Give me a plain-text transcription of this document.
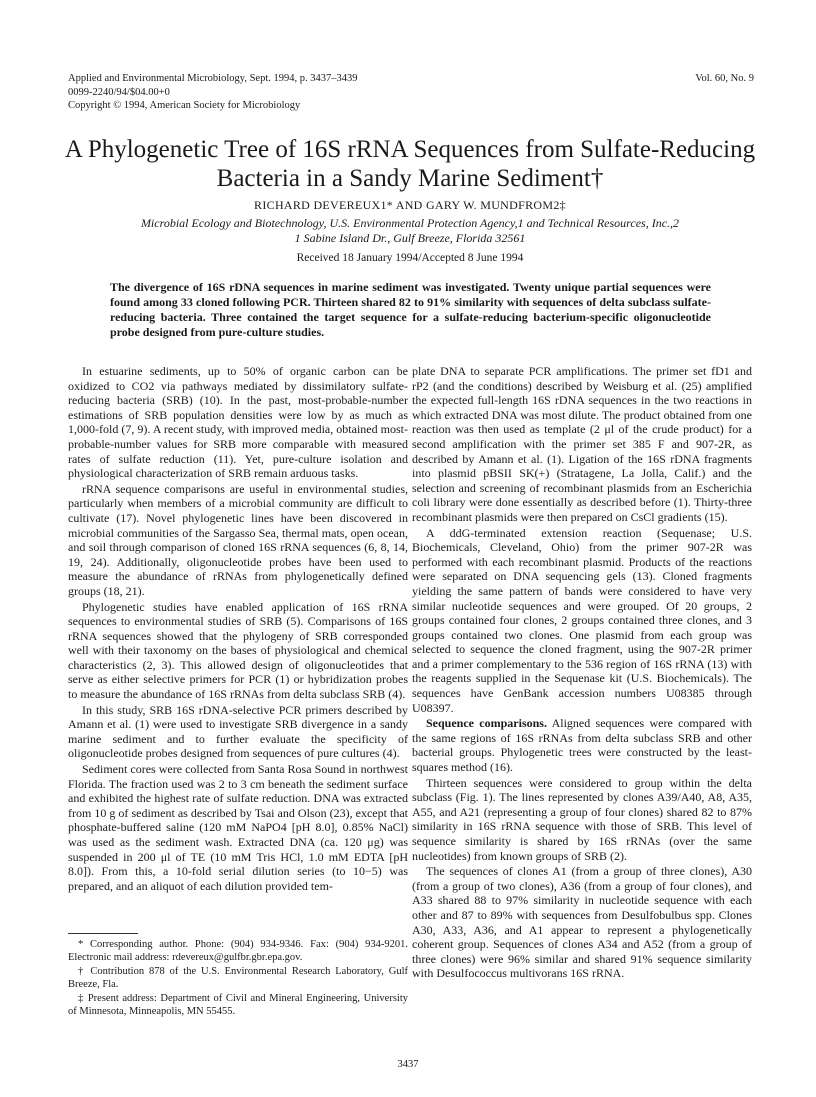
Applied and Environmental Microbiology, Sept. 1994, p. 3437–3439
0099-2240/94/$04.00+0
Copyright © 1994, American Society for Microbiology
Vol. 60, No. 9
A Phylogenetic Tree of 16S rRNA Sequences from Sulfate-Reducing Bacteria in a Sandy Marine Sediment†
RICHARD DEVEREUX1* AND GARY W. MUNDFROM2‡
Microbial Ecology and Biotechnology, U.S. Environmental Protection Agency,1 and Technical Resources, Inc.,2 1 Sabine Island Dr., Gulf Breeze, Florida 32561
Received 18 January 1994/Accepted 8 June 1994
The divergence of 16S rDNA sequences in marine sediment was investigated. Twenty unique partial sequences were found among 33 cloned following PCR. Thirteen shared 82 to 91% similarity with sequences of delta subclass sulfate-reducing bacteria. Three contained the target sequence for a sulfate-reducing bacterium-specific oligonucleotide probe designed from pure-culture studies.

In estuarine sediments, up to 50% of organic carbon can be oxidized to CO2 via pathways mediated by dissimilatory sulfate-reducing bacteria (SRB) (10). In the past, most-probable-number estimations of SRB population densities were low by as much as 1,000-fold (7, 9). A recent study, with improved media, obtained most-probable-number values for SRB more comparable with measured rates of sulfate reduction (11). Yet, pure-culture isolation and physiological characterization of SRB remain arduous tasks.

rRNA sequence comparisons are useful in environmental studies, particularly when members of a microbial community are difficult to cultivate (17). Novel phylogenetic lines have been discovered in microbial communities of the Sargasso Sea, thermal mats, open ocean, and soil through comparison of cloned 16S rRNA sequences (6, 8, 14, 19, 24). Additionally, oligonucleotide probes have been used to measure the abundance of rRNAs from phylogenetically defined groups (18, 21).

Phylogenetic studies have enabled application of 16S rRNA sequences to environmental studies of SRB (5). Comparisons of 16S rRNA sequences showed that the phylogeny of SRB corresponded well with their taxonomy on the bases of physiological and chemical characteristics (2, 3). This allowed design of oligonucleotides that serve as either selective primers for PCR (1) or hybridization probes to measure the abundance of 16S rRNAs from delta subclass SRB (4).

In this study, SRB 16S rDNA-selective PCR primers described by Amann et al. (1) were used to investigate SRB divergence in a sandy marine sediment and to further evaluate the specificity of oligonucleotide probes designed from sequences of pure cultures (4).

Sediment cores were collected from Santa Rosa Sound in northwest Florida. The fraction used was 2 to 3 cm beneath the sediment surface and exhibited the highest rate of sulfate reduction. DNA was extracted from 10 g of sediment as described by Tsai and Olson (23), except that phosphate-buffered saline (120 mM NaPO4 [pH 8.0], 0.85% NaCl) was used as the sediment wash. Extracted DNA (ca. 120 μg) was suspended in 200 μl of TE (10 mM Tris HCl, 1.0 mM EDTA [pH 8.0]). From this, a 10-fold serial dilution series (to 10−5) was prepared, and an aliquot of each dilution provided tem-

plate DNA to separate PCR amplifications. The primer set fD1 and rP2 (and the conditions) described by Weisburg et al. (25) amplified the expected full-length 16S rDNA sequences in the two reactions in which extracted DNA was most dilute. The product obtained from one reaction was then used as template (2 μl of the crude product) for a second amplification with the primer set 385 F and 907-2R, as described by Amann et al. (1). Ligation of the 16S rDNA fragments into plasmid pBSII SK(+) (Stratagene, La Jolla, Calif.) and the selection and screening of recombinant plasmids from an Escherichia coli library were done essentially as described before (1). Thirty-three recombinant plasmids were then prepared on CsCl gradients (15).

A ddG-terminated extension reaction (Sequenase; U.S. Biochemicals, Cleveland, Ohio) from the primer 907-2R was performed with each recombinant plasmid. Products of the reactions were separated on DNA sequencing gels (13). Cloned fragments yielding the same pattern of bands were considered to have very similar nucleotide sequences and were grouped. Of 20 groups, 2 groups contained four clones, 2 groups contained three clones, and 3 groups contained two clones. One plasmid from each group was selected to sequence the cloned fragment, using the 907-2R primer and a primer complementary to the 536 region of 16S rRNA (13) with the reagents supplied in the Sequenase kit (U.S. Biochemicals). The sequences have GenBank accession numbers U08385 through U08397.

Sequence comparisons. Aligned sequences were compared with the same regions of 16S rRNAs from delta subclass SRB and other bacterial groups. Phylogenetic trees were constructed by the least-squares method (16).

Thirteen sequences were considered to group within the delta subclass (Fig. 1). The lines represented by clones A39/A40, A8, A35, A55, and A21 (representing a group of four clones) shared 82 to 87% similarity in 16S rRNA sequence with those of SRB. This level of sequence similarity is shared by 16S rRNAs (over the same nucleotides) from known groups of SRB (2).

The sequences of clones A1 (from a group of three clones), A30 (from a group of two clones), A36 (from a group of four clones), and A33 shared 88 to 97% similarity in nucleotide sequence with each other and 87 to 89% with sequences from Desulfobulbus spp. Clones A30, A33, A36, and A1 appear to represent a phylogenetically coherent group. Sequences of clones A34 and A52 (from a group of three clones) were 96% similar and shared 91% sequence similarity with Desulfococcus multivorans 16S rRNA.

* Corresponding author. Phone: (904) 934-9346. Fax: (904) 934-9201. Electronic mail address: rdevereux@gulfbr.gbr.epa.gov.

† Contribution 878 of the U.S. Environmental Research Laboratory, Gulf Breeze, Fla.

‡ Present address: Department of Civil and Mineral Engineering, University of Minnesota, Minneapolis, MN 55455.

3437
